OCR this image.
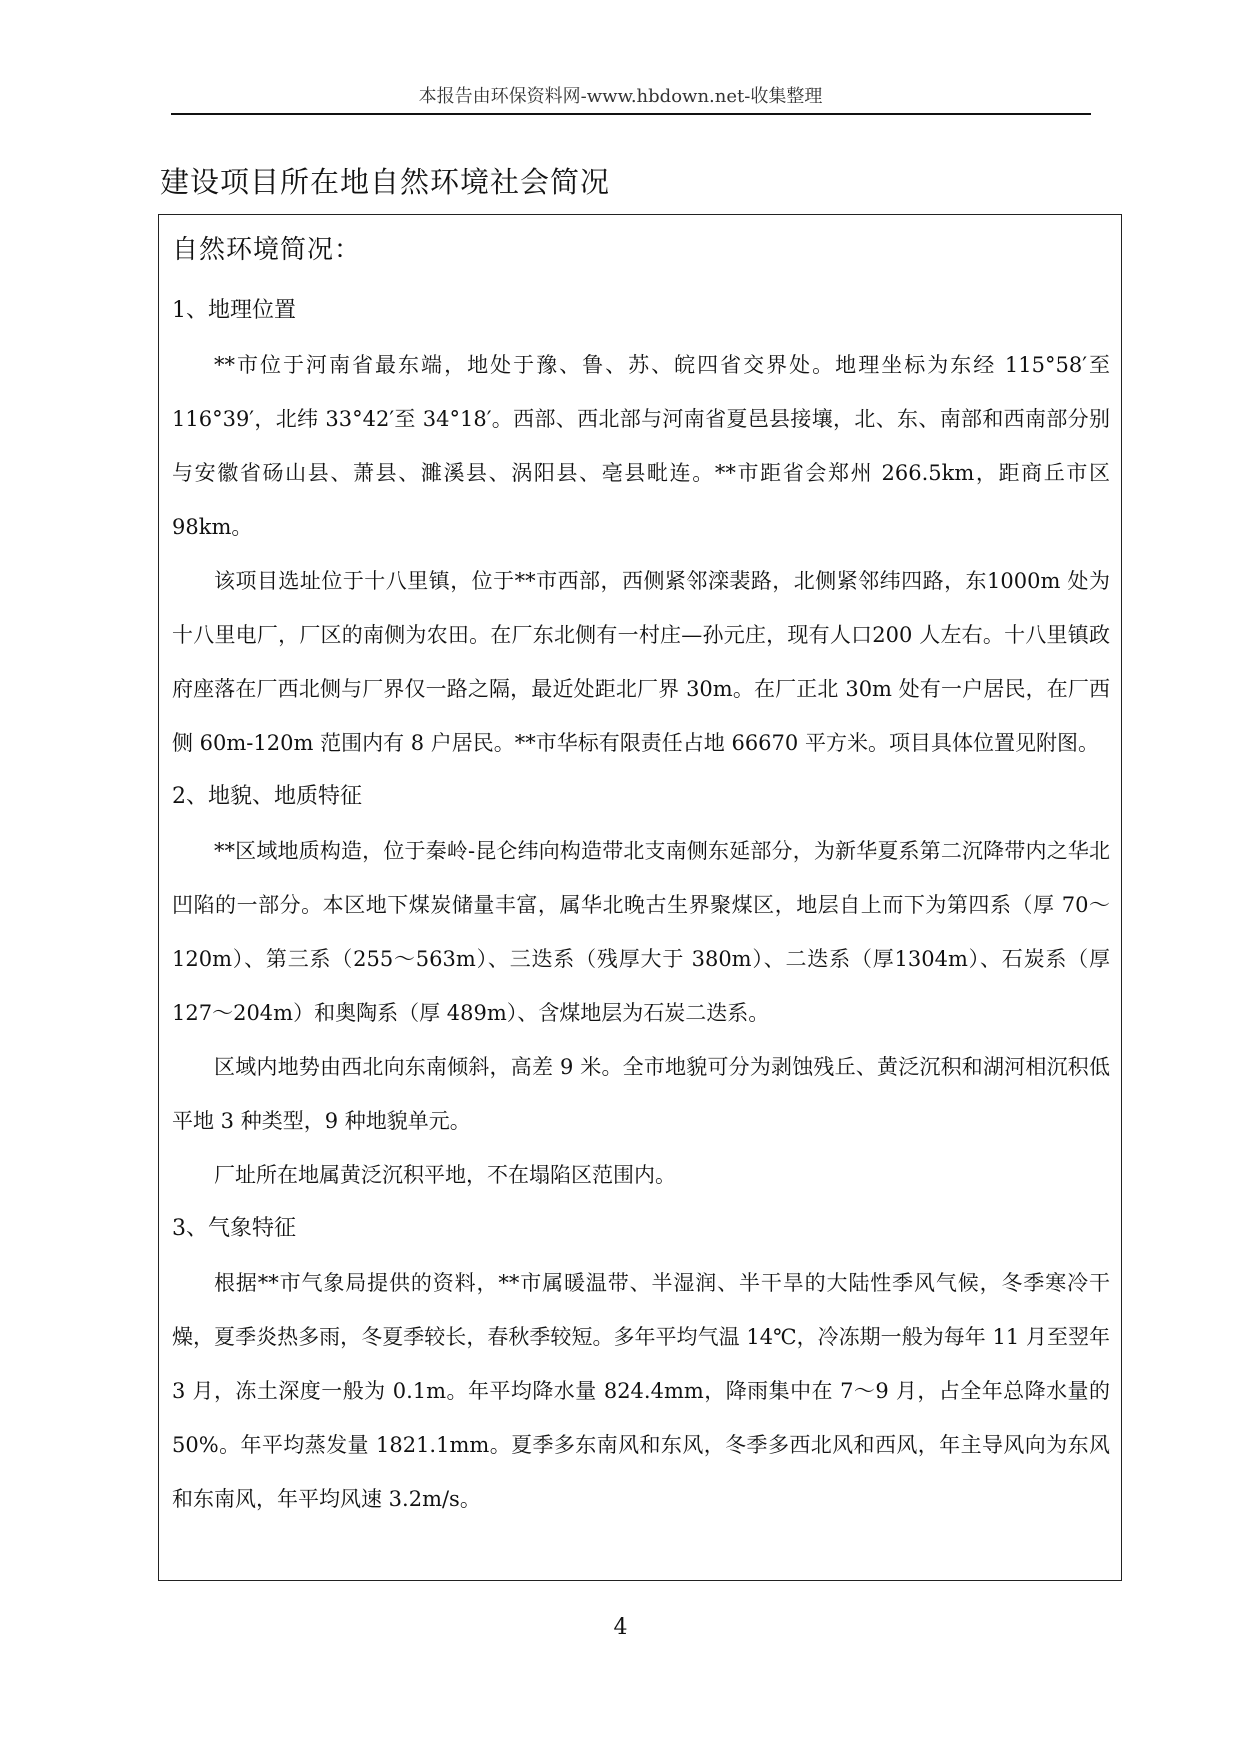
本报告由环保资料网-www.hbdown.net-收集整理
建设项目所在地自然环境社会简况
自然环境简况：
1、地理位置

**市位于河南省最东端，地处于豫、鲁、苏、皖四省交界处。地理坐标为东经 115°58′至 116°39′，北纬 33°42′至 34°18′。西部、西北部与河南省夏邑县接壤，北、东、南部和西南部分别与安徽省砀山县、萧县、濉溪县、涡阳县、亳县毗连。**市距省会郑州 266.5km，距商丘市区 98km。

该项目选址位于十八里镇，位于**市西部，西侧紧邻滦裴路，北侧紧邻纬四路，东1000m 处为十八里电厂，厂区的南侧为农田。在厂东北侧有一村庄—孙元庄，现有人口200 人左右。十八里镇政府座落在厂西北侧与厂界仅一路之隔，最近处距北厂界 30m。在厂正北 30m 处有一户居民，在厂西侧 60m-120m 范围内有 8 户居民。**市华标有限责任占地 66670 平方米。项目具体位置见附图。

2、地貌、地质特征

**区域地质构造，位于秦岭-昆仑纬向构造带北支南侧东延部分，为新华夏系第二沉降带内之华北凹陷的一部分。本区地下煤炭储量丰富，属华北晚古生界聚煤区，地层自上而下为第四系（厚 70～120m）、第三系（255～563m）、三迭系（残厚大于 380m）、二迭系（厚1304m）、石炭系（厚 127～204m）和奥陶系（厚 489m）、含煤地层为石炭二迭系。

区域内地势由西北向东南倾斜，高差 9 米。全市地貌可分为剥蚀残丘、黄泛沉积和湖河相沉积低平地 3 种类型，9 种地貌单元。

厂址所在地属黄泛沉积平地，不在塌陷区范围内。

3、气象特征

根据**市气象局提供的资料，**市属暖温带、半湿润、半干旱的大陆性季风气候，冬季寒冷干燥，夏季炎热多雨，冬夏季较长，春秋季较短。多年平均气温 14℃，冷冻期一般为每年 11 月至翌年 3 月，冻土深度一般为 0.1m。年平均降水量 824.4mm，降雨集中在 7～9 月，占全年总降水量的 50%。年平均蒸发量 1821.1mm。夏季多东南风和东风，冬季多西北风和西风，年主导风向为东风和东南风，年平均风速 3.2m/s。

4
